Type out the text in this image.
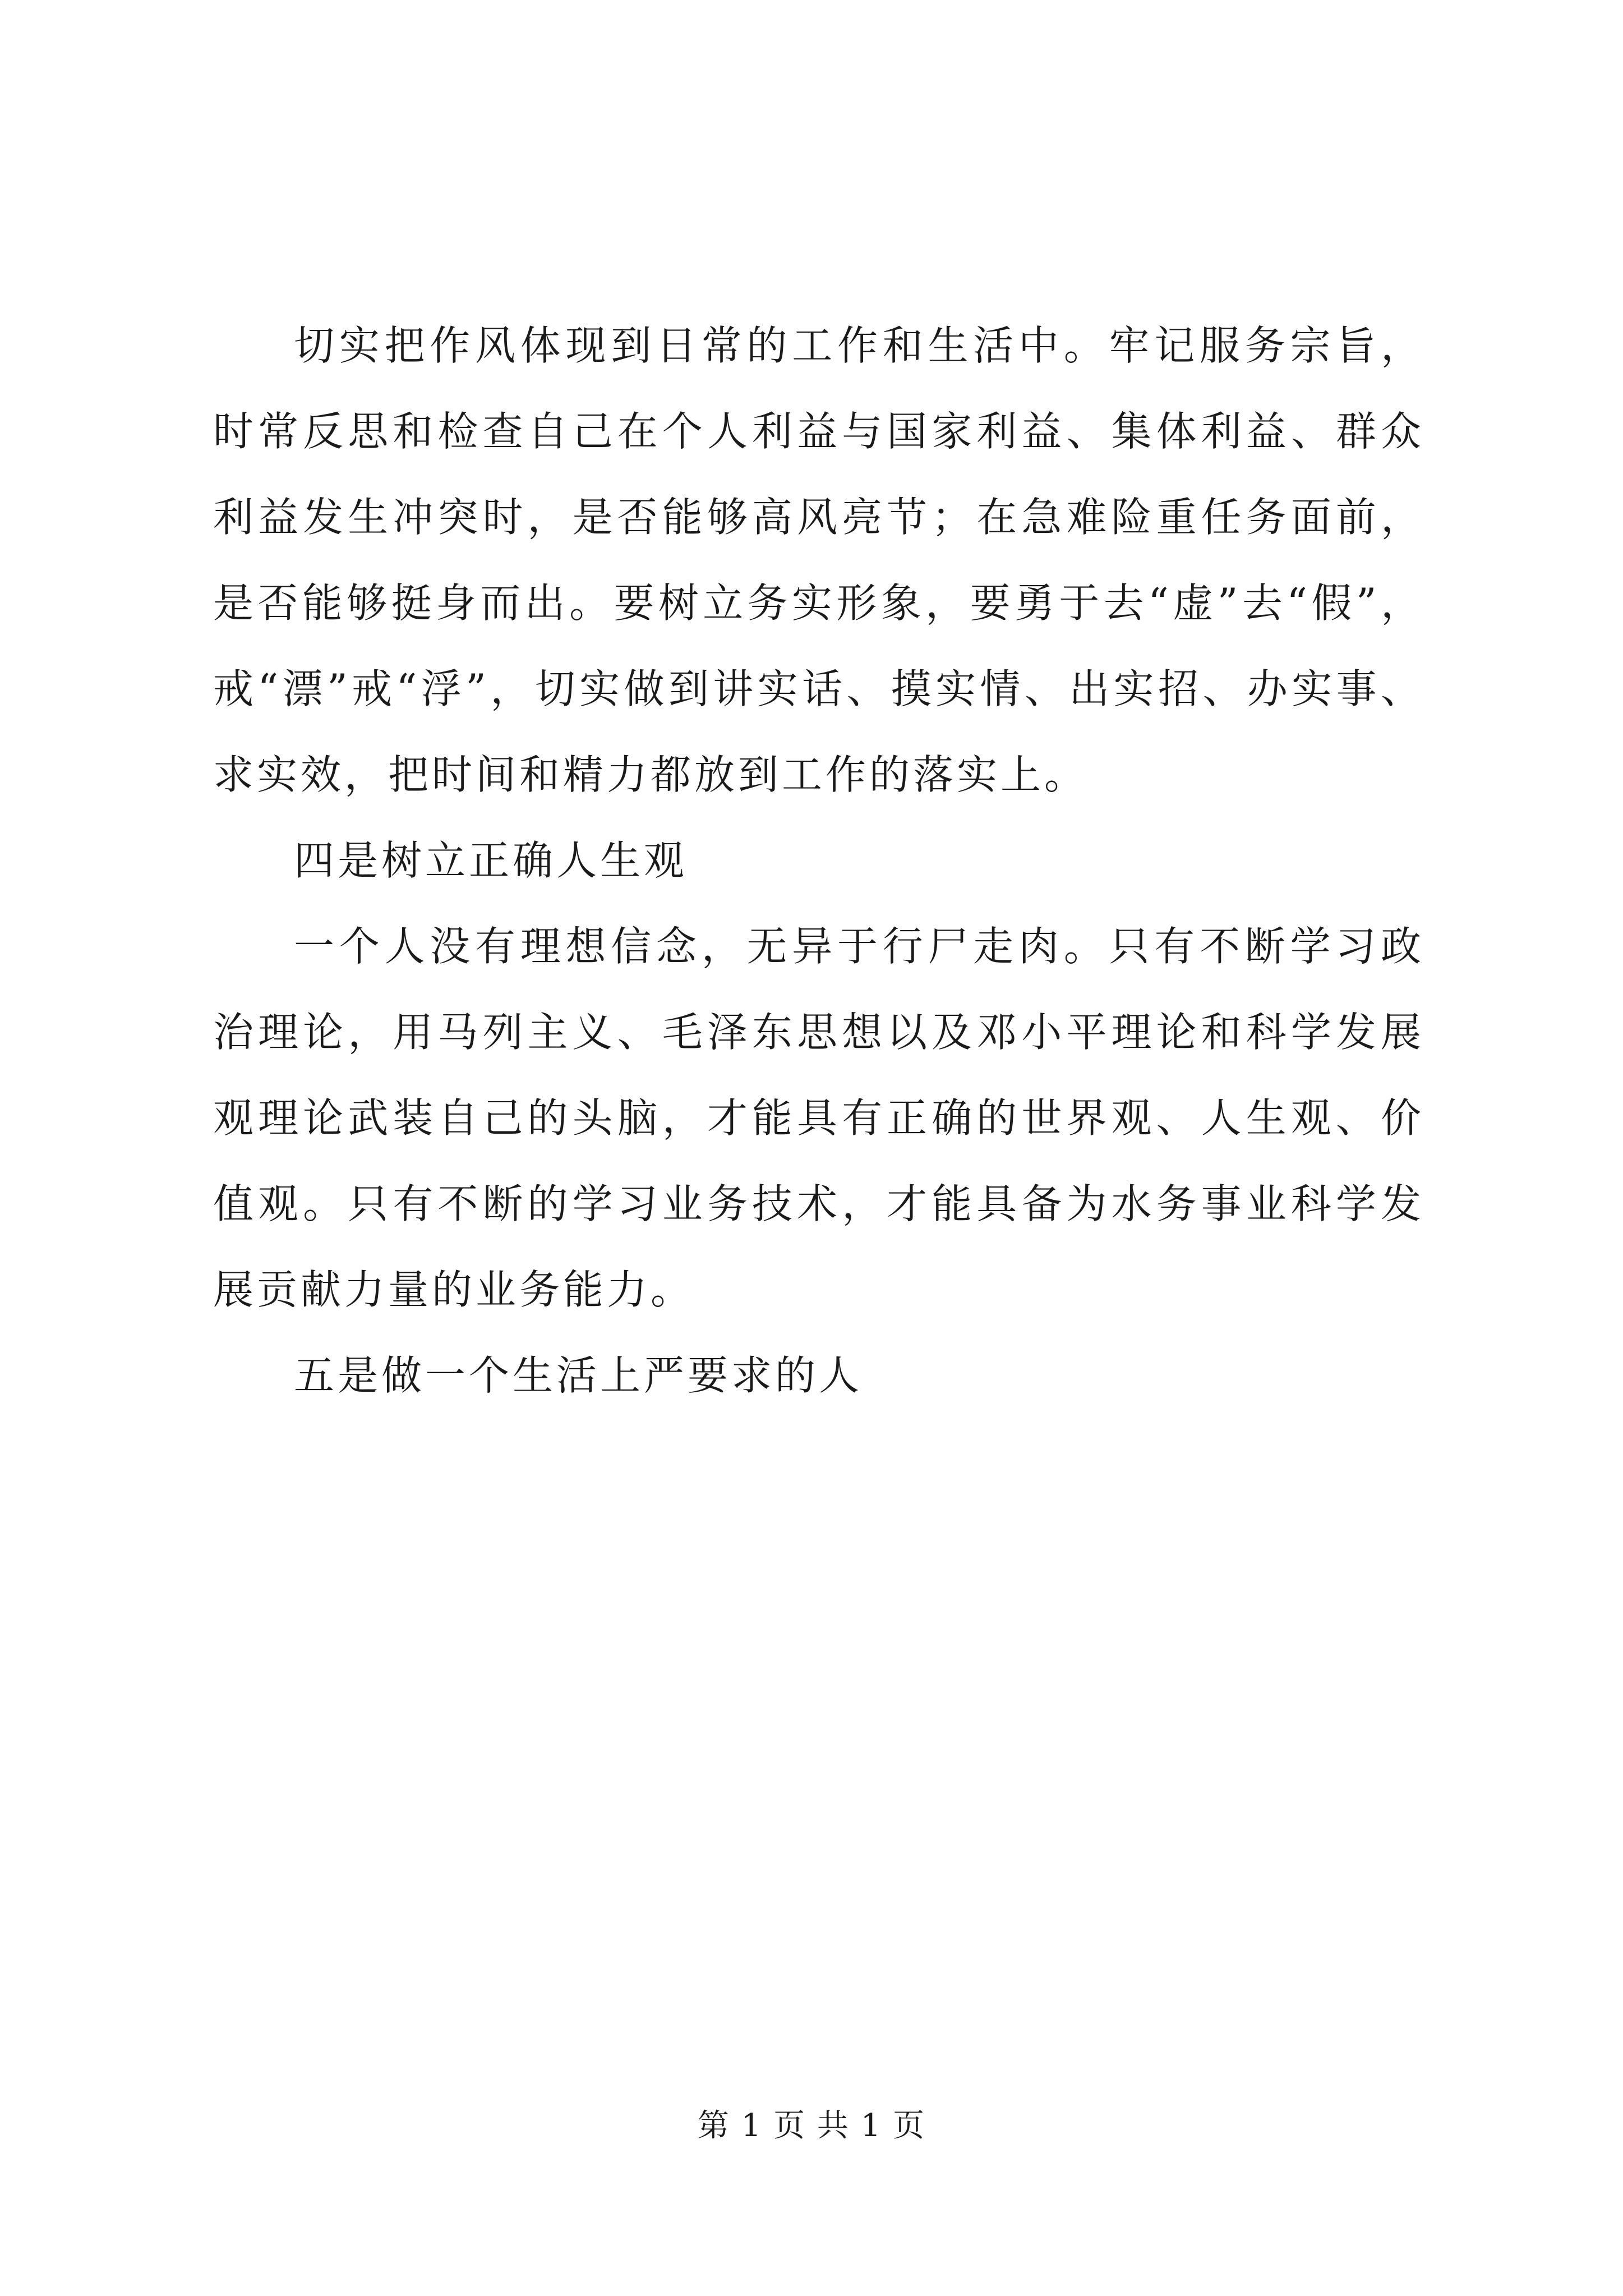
切实把作风体现到日常的工作和生活中。牢记服务宗旨，时常反思和检查自己在个人利益与国家利益、集体利益、群众利益发生冲突时，是否能够高风亮节；在急难险重任务面前，是否能够挺身而出。要树立务实形象，要勇于去“虚”去“假”，戒“漂”戒“浮”，切实做到讲实话、摸实情、出实招、办实事、求实效，把时间和精力都放到工作的落实上。

四是树立正确人生观

一个人没有理想信念，无异于行尸走肉。只有不断学习政治理论，用马列主义、毛泽东思想以及邓小平理论和科学发展观理论武装自己的头脑，才能具有正确的世界观、人生观、价值观。只有不断的学习业务技术，才能具备为水务事业科学发展贡献力量的业务能力。

五是做一个生活上严要求的人

第 1 页 共 1 页
